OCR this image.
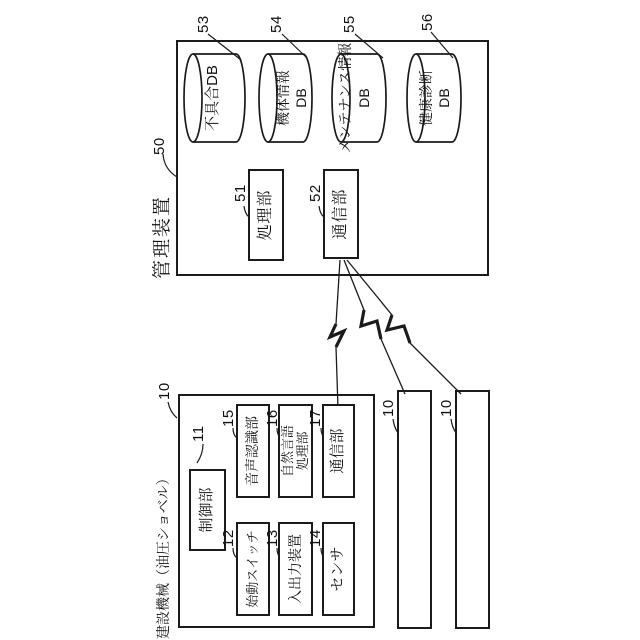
管理装置
50
53	54	55	56
不具合DB	機体情報 DB メンテナンス情報 DB	健康診断 DB
処理部
51	通信部
52
建設機械（油圧ショベル）
10
制御部
11	音声認識部
15
自然言語 処理部
16
通信部
17
始動スイッチ
12	入出力装置
13
センサ
14
10	10
